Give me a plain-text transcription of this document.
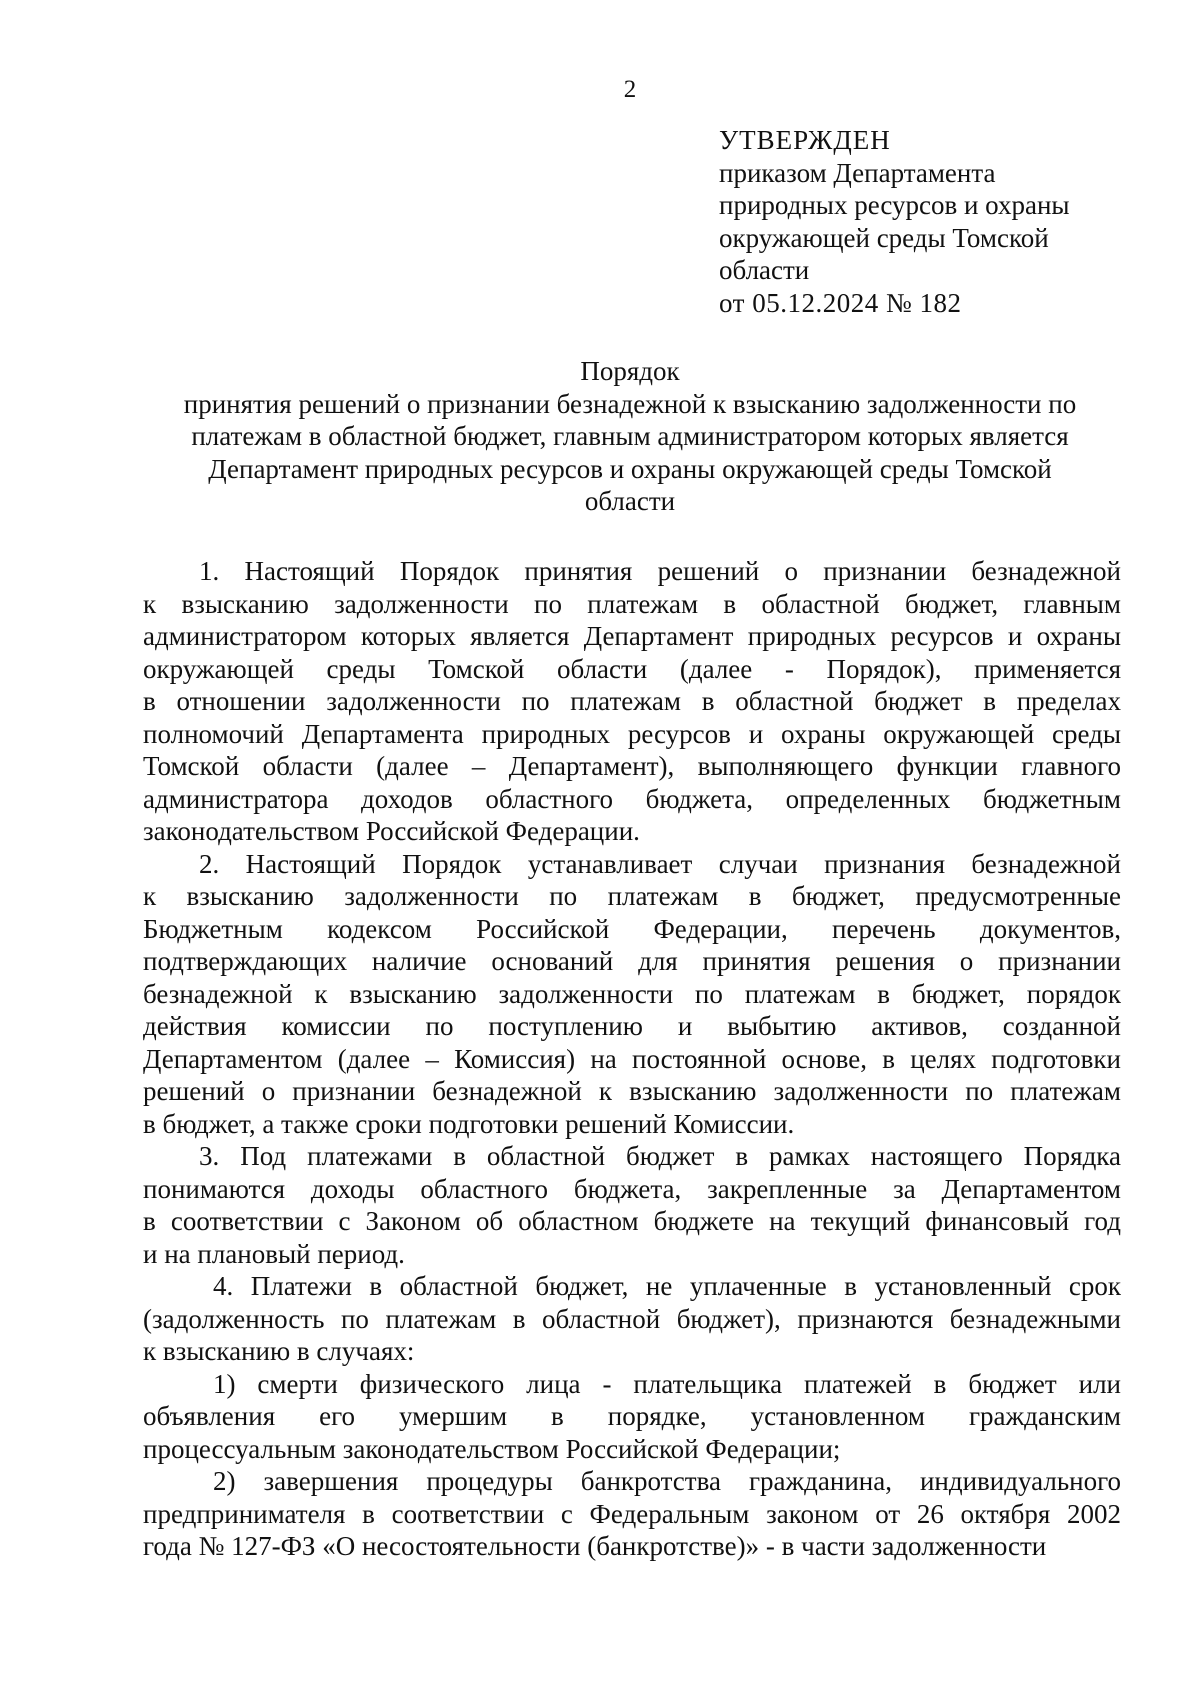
2
УТВЕРЖДЕН
приказом Департамента
природных ресурсов и охраны
окружающей среды Томской
области
от 05.12.2024 № 182
Порядок
принятия решений о признании безнадежной к взысканию задолженности по
платежам в областной бюджет, главным администратором которых является
Департамент природных ресурсов и охраны окружающей среды Томской
области
1. Настоящий Порядок принятия решений о признании безнадежной
к взысканию задолженности по платежам в областной бюджет, главным
администратором которых является Департамент природных ресурсов и охраны
окружающей среды Томской области (далее - Порядок), применяется
в отношении задолженности по платежам в областной бюджет в пределах
полномочий Департамента природных ресурсов и охраны окружающей среды
Томской области (далее – Департамент), выполняющего функции главного
администратора доходов областного бюджета, определенных бюджетным
законодательством Российской Федерации.
2. Настоящий Порядок устанавливает случаи признания безнадежной
к взысканию задолженности по платежам в бюджет, предусмотренные
Бюджетным кодексом Российской Федерации, перечень документов,
подтверждающих наличие оснований для принятия решения о признании
безнадежной к взысканию задолженности по платежам в бюджет, порядок
действия комиссии по поступлению и выбытию активов, созданной
Департаментом (далее – Комиссия) на постоянной основе, в целях подготовки
решений о признании безнадежной к взысканию задолженности по платежам
в бюджет, а также сроки подготовки решений Комиссии.
3. Под платежами в областной бюджет в рамках настоящего Порядка
понимаются доходы областного бюджета, закрепленные за Департаментом
в соответствии с Законом об областном бюджете на текущий финансовый год
и на плановый период.
4. Платежи в областной бюджет, не уплаченные в установленный срок
(задолженность по платежам в областной бюджет), признаются безнадежными
к взысканию в случаях:
1) смерти физического лица - плательщика платежей в бюджет или
объявления его умершим в порядке, установленном гражданским
процессуальным законодательством Российской Федерации;
2) завершения процедуры банкротства гражданина, индивидуального
предпринимателя в соответствии с Федеральным законом от 26 октября 2002
года № 127-ФЗ «О несостоятельности (банкротстве)» - в части задолженности
